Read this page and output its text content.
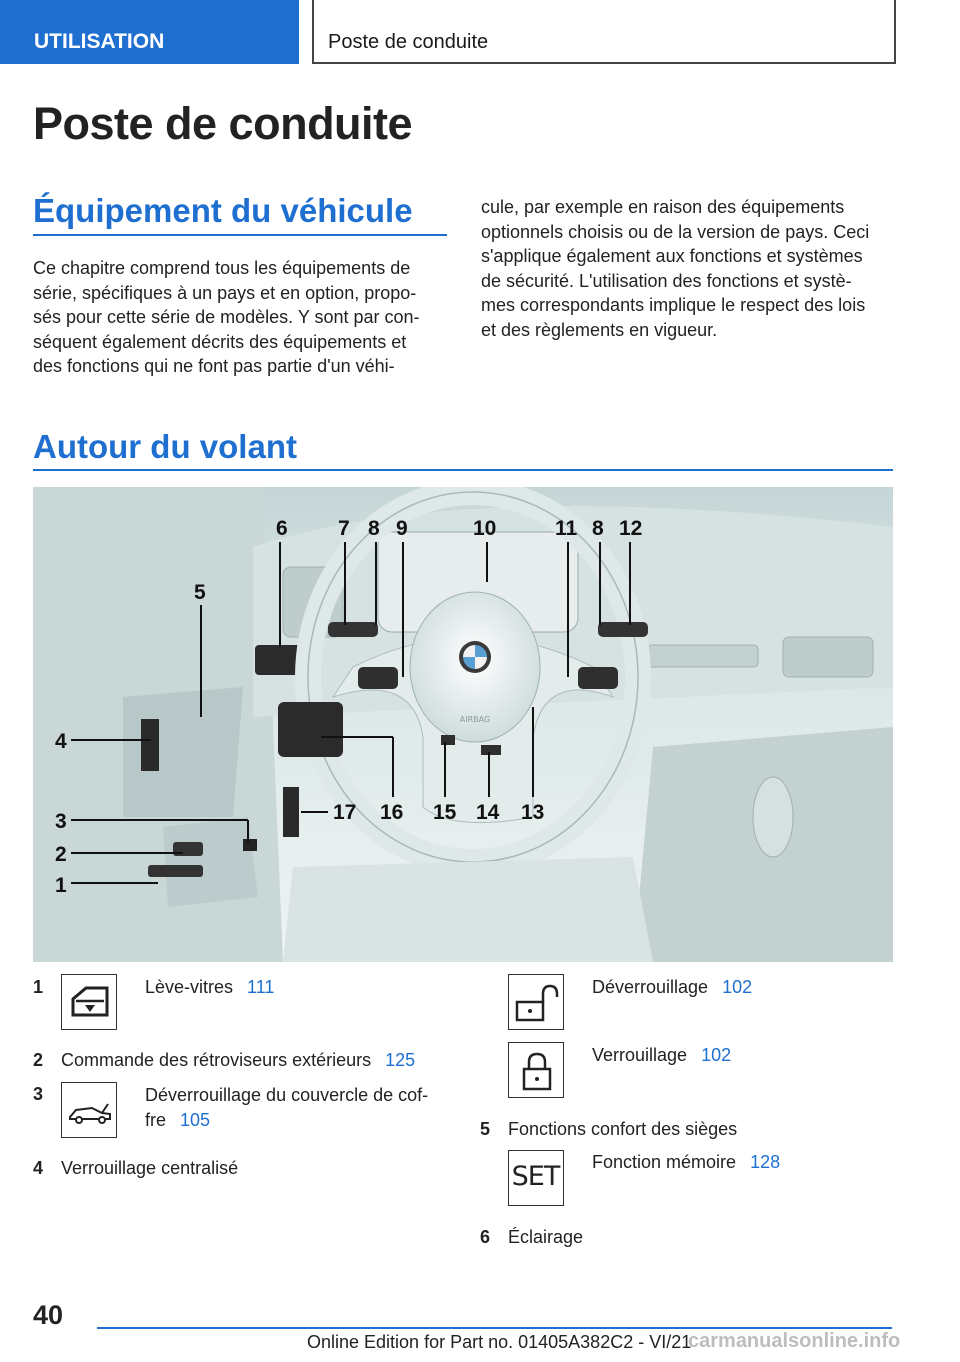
UTILISATION	Poste de conduite
Poste de conduite
Équipement du véhicule
Ce chapitre comprend tous les équipements de
série, spécifiques à un pays et en option, propo-
sés pour cette série de modèles. Y sont par con-
séquent également décrits des équipements et
des fonctions qui ne font pas partie d'un véhi-
cule, par exemple en raison des équipements
optionnels choisis ou de la version de pays. Ceci
s'applique également aux fonctions et systèmes
de sécurité. L'utilisation des fonctions et systè-
mes correspondants implique le respect des lois
et des règlements en vigueur.
Autour du volant
AIRBAG
6 7 8 9	10	11 8 12
5
4
3
2
1
17 16 15 14 13
1	Lève-vitres 111
2 Commande des rétroviseurs extérieurs 125
3	Déverrouillage du couvercle de cof-
fre 105
4 Verrouillage centralisé
Déverrouillage 102
Verrouillage 102
5 Fonctions confort des sièges
SET Fonction mémoire 128
6 Éclairage
40
Online Edition for Part no. 01405A382C2 - VI/21
carmanualsonline.info
